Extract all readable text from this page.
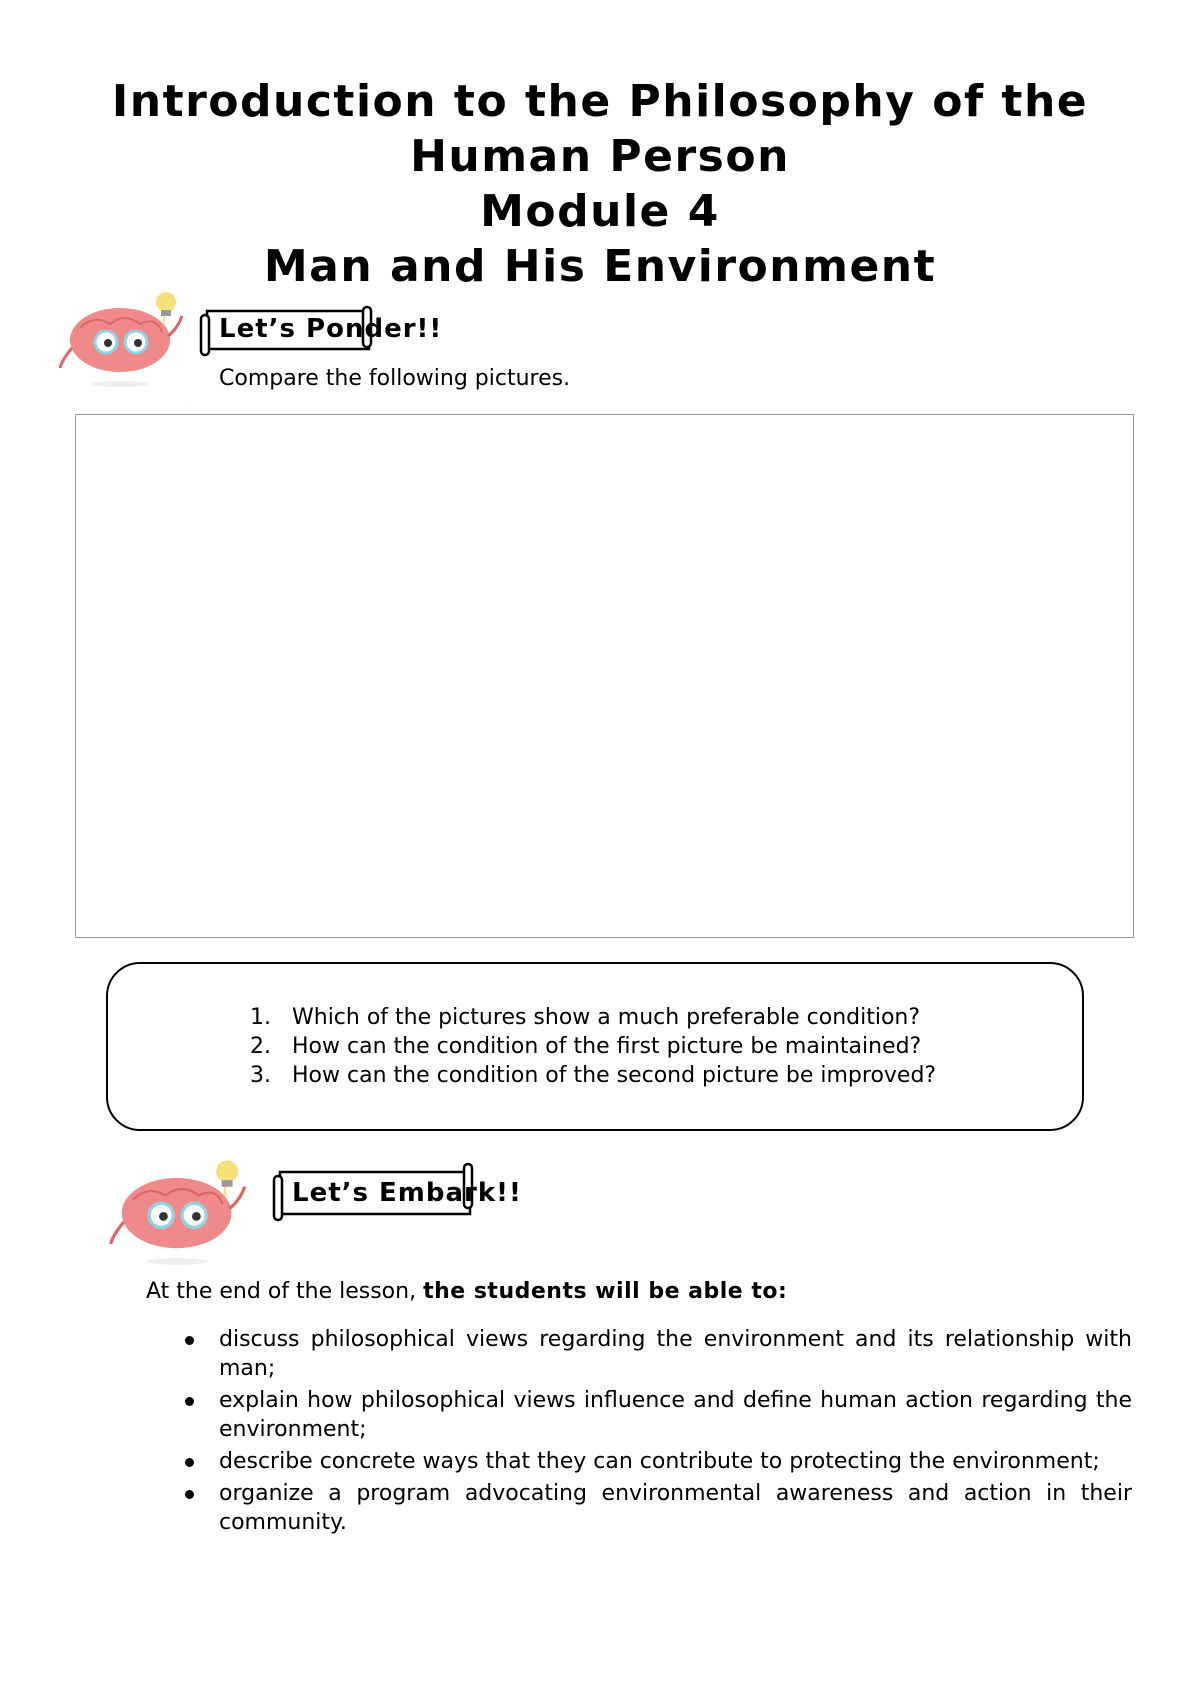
Introduction to the Philosophy of the
Human Person
Module 4
Man and His Environment
.
Let’s Ponder!!
Compare the following pictures.
1. Which of the pictures show a much preferable condition?
2. How can the condition of the first picture be maintained?
3. How can the condition of the second picture be improved?
.
Let’s Embark!!
At the end of the lesson, the students will be able to:
discuss philosophical views regarding the environment and its relationship with man;
explain how philosophical views influence and define human action regarding the environment;
describe concrete ways that they can contribute to protecting the environment;
organize a program advocating environmental awareness and action in their community.
